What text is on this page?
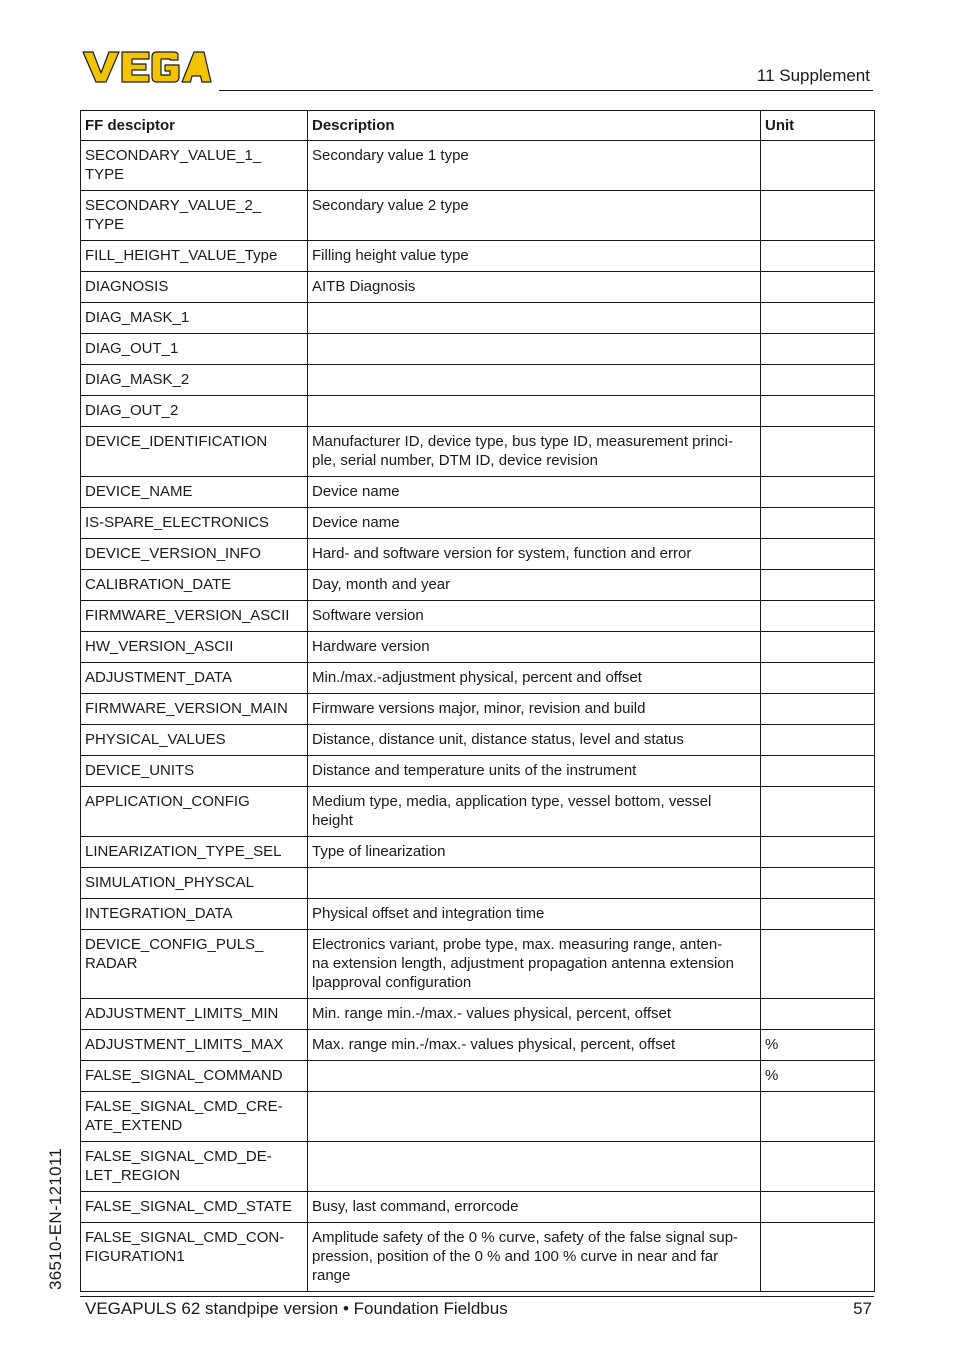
11 Supplement
FF desciptor	Description	Unit
SECONDARY_VALUE_1_
TYPE	Secondary value 1 type	
SECONDARY_VALUE_2_
TYPE	Secondary value 2 type	
FILL_HEIGHT_VALUE_Type	Filling height value type	
DIAGNOSIS	AITB Diagnosis	
DIAG_MASK_1		
DIAG_OUT_1		
DIAG_MASK_2		
DIAG_OUT_2		
DEVICE_IDENTIFICATION	Manufacturer ID, device type, bus type ID, measurement princi-
ple, serial number, DTM ID, device revision	
DEVICE_NAME	Device name	
IS-SPARE_ELECTRONICS	Device name	
DEVICE_VERSION_INFO	Hard- and software version for system, function and error	
CALIBRATION_DATE	Day, month and year	
FIRMWARE_VERSION_ASCII	Software version	
HW_VERSION_ASCII	Hardware version	
ADJUSTMENT_DATA	Min./max.-adjustment physical, percent and offset	
FIRMWARE_VERSION_MAIN	Firmware versions major, minor, revision and build	
PHYSICAL_VALUES	Distance, distance unit, distance status, level and status	
DEVICE_UNITS	Distance and temperature units of the instrument	
APPLICATION_CONFIG	Medium type, media, application type, vessel bottom, vessel
height	
LINEARIZATION_TYPE_SEL	Type of linearization	
SIMULATION_PHYSCAL		
INTEGRATION_DATA	Physical offset and integration time	
DEVICE_CONFIG_PULS_
RADAR	Electronics variant, probe type, max. measuring range, anten-
na extension length, adjustment propagation antenna extension
lpapproval configuration	
ADJUSTMENT_LIMITS_MIN	Min. range min.-/max.- values physical, percent, offset	
ADJUSTMENT_LIMITS_MAX	Max. range min.-/max.- values physical, percent, offset	%
FALSE_SIGNAL_COMMAND		%
FALSE_SIGNAL_CMD_CRE-
ATE_EXTEND		
FALSE_SIGNAL_CMD_DE-
LET_REGION		
FALSE_SIGNAL_CMD_STATE	Busy, last command, errorcode	
FALSE_SIGNAL_CMD_CON-
FIGURATION1	Amplitude safety of the 0 % curve, safety of the false signal sup-
pression, position of the 0 % and 100 % curve in near and far
range	
36510-EN-121011
VEGAPULS 62 standpipe version • Foundation Fieldbus	57
